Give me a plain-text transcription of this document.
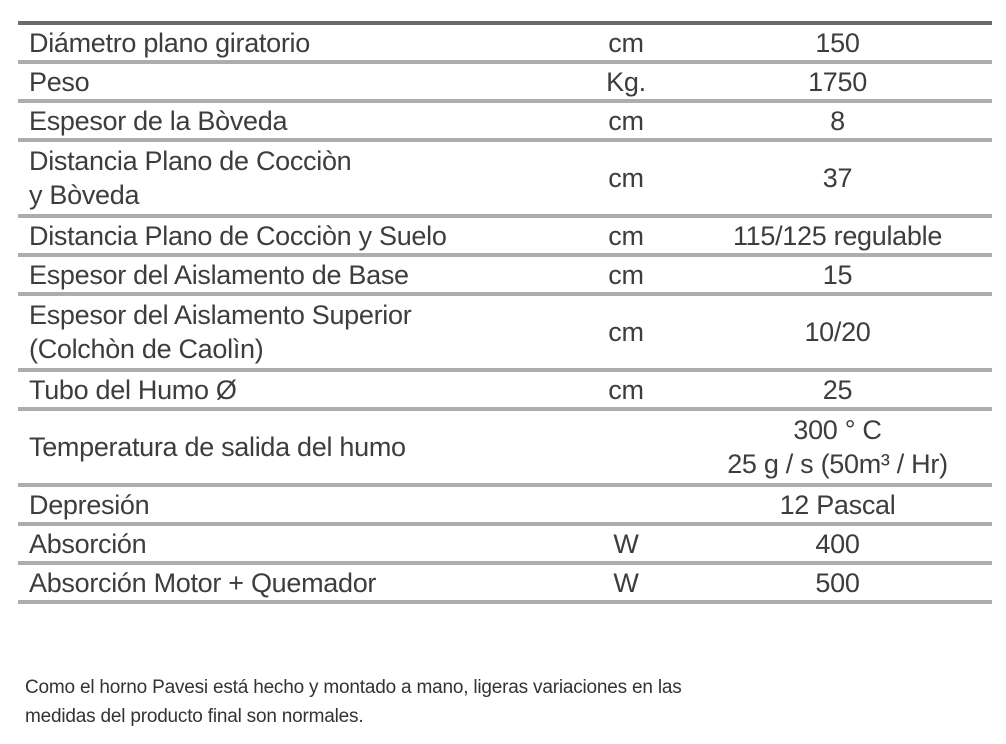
Diámetro plano giratorio	cm	150
Peso	Kg.	1750
Espesor de la Bòveda	cm	8

Distancia Plano de Cocciòn
y Bòveda	cm	37
Distancia Plano de Cocciòn y Suelo	cm	115/125 regulable
Espesor del Aislamento de Base	cm	15

Espesor del Aislamento Superior
(Colchòn de Caolìn)	cm	10/20
Tubo del Humo Ø	cm	25
Temperatura de salida del humo		300 ° C
25 g / s (50m³ / Hr)

Depresión		12 Pascal
Absorción	W	400
Absorción Motor + Quemador	W	500
Como el horno Pavesi está hecho y montado a mano, ligeras variaciones en las
medidas del producto final son normales.
